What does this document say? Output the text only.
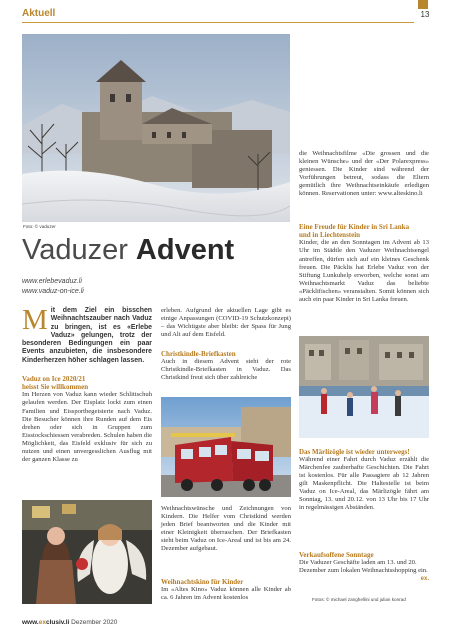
Aktuell	13
Foto: © vaduzer
Vaduzer Advent
www.erlebevaduz.li
www.vaduz-on-ice.li
Mit dem Ziel ein bisschen Weihnachtszauber nach Vaduz zu bringen, ist es «Erlebe Vaduz» gelungen, trotz der besonderen Bedingungen ein paar Events anzubieten, die insbesondere Kinderherzen höher schlagen lassen.
Vaduz on Ice 2020/21
heisst Sie willkommen
Im Herzen von Vaduz kann wieder Schlittschuh gelaufen werden. Der Eisplatz lockt zum einen Familien und Eissportbegeisterte nach Vaduz. Die Besucher können ihre Runden auf dem Eis drehen oder sich in Gruppen zum Eisstockschiessen verabreden. Schulen haben die Möglichkeit, das Eisfeld exklusiv für sich zu nutzen und einen unvergesslichen Ausflug mit der ganzen Klasse zu
erleben. Aufgrund der aktuellen Lage gibt es einige Anpassungen (COVID-19 Schutzkonzept) – das Wichtigste aber bleibt: der Spass für Jung und Alt auf dem Eisfeld.
Christkindle-Briefkasten
Auch in diesem Advent steht der rote Christkindle-Briefkasten in Vaduz. Das Christkind freut sich über zahlreiche
Weihnachtswünsche und Zeichnungen von Kindern. Die Helfer vom Christkind werden jeden Brief beantworten und die Kinder mit einer Kleinigkeit überraschen. Der Briefkasten steht beim Vaduz on Ice-Areal und ist bis am 24. Dezember aufgebaut.
Weihnachtskino für Kinder
Im «Altes Kino» Vaduz können alle Kinder ab ca. 6 Jahren im Advent kostenlos
die Weihnachtsfilme «Die grossen und die kleinen Wünsche» und der «Der Polarexpress» geniessen. Die Kinder sind während der Vorführungen betreut, sodass die Eltern gemütlich ihre Weihnachtseinkäufe erledigen können. Reservationen unter: www.alteskino.li
Eine Freude für Kinder in Sri Lanka
und in Liechtenstein
Kinder, die an den Sonntagen im Advent ab 13 Uhr im Städtle den Vaduzer Weihnachtsengel antreffen, dürfen sich auf ein kleines Geschenk freuen. Die Päcklis hat Erlebe Vaduz von der Stiftung Lunkuhelp erworben, welche sonst am Weihnachtsmarkt Vaduz das beliebte «Päcklifischen» veranstalten. Somit können sich auch ein paar Kinder in Sri Lanka freuen.
Das Märlizögle ist wieder unterwegs!
Während einer Fahrt durch Vaduz erzählt die Märchenfee zauberhafte Geschichten. Die Fahrt ist kostenlos. Für alle Passagiere ab 12 Jahren gilt Maskenpflicht. Die Haltestelle ist beim Vaduz on Ice-Areal, das Märlizögle fährt am Sonntag, 13. und 20.12. von 13 Uhr bis 17 Uhr in regelmässigen Abständen.
Verkaufsoffene Sonntage
Die Vaduzer Geschäfte laden am 13. und 20. Dezember zum lokalen Weihnachtsshopping ein.
ex.
Fotos: © michael zanghellini und julian konrad
www.exclusiv.li Dezember 2020
